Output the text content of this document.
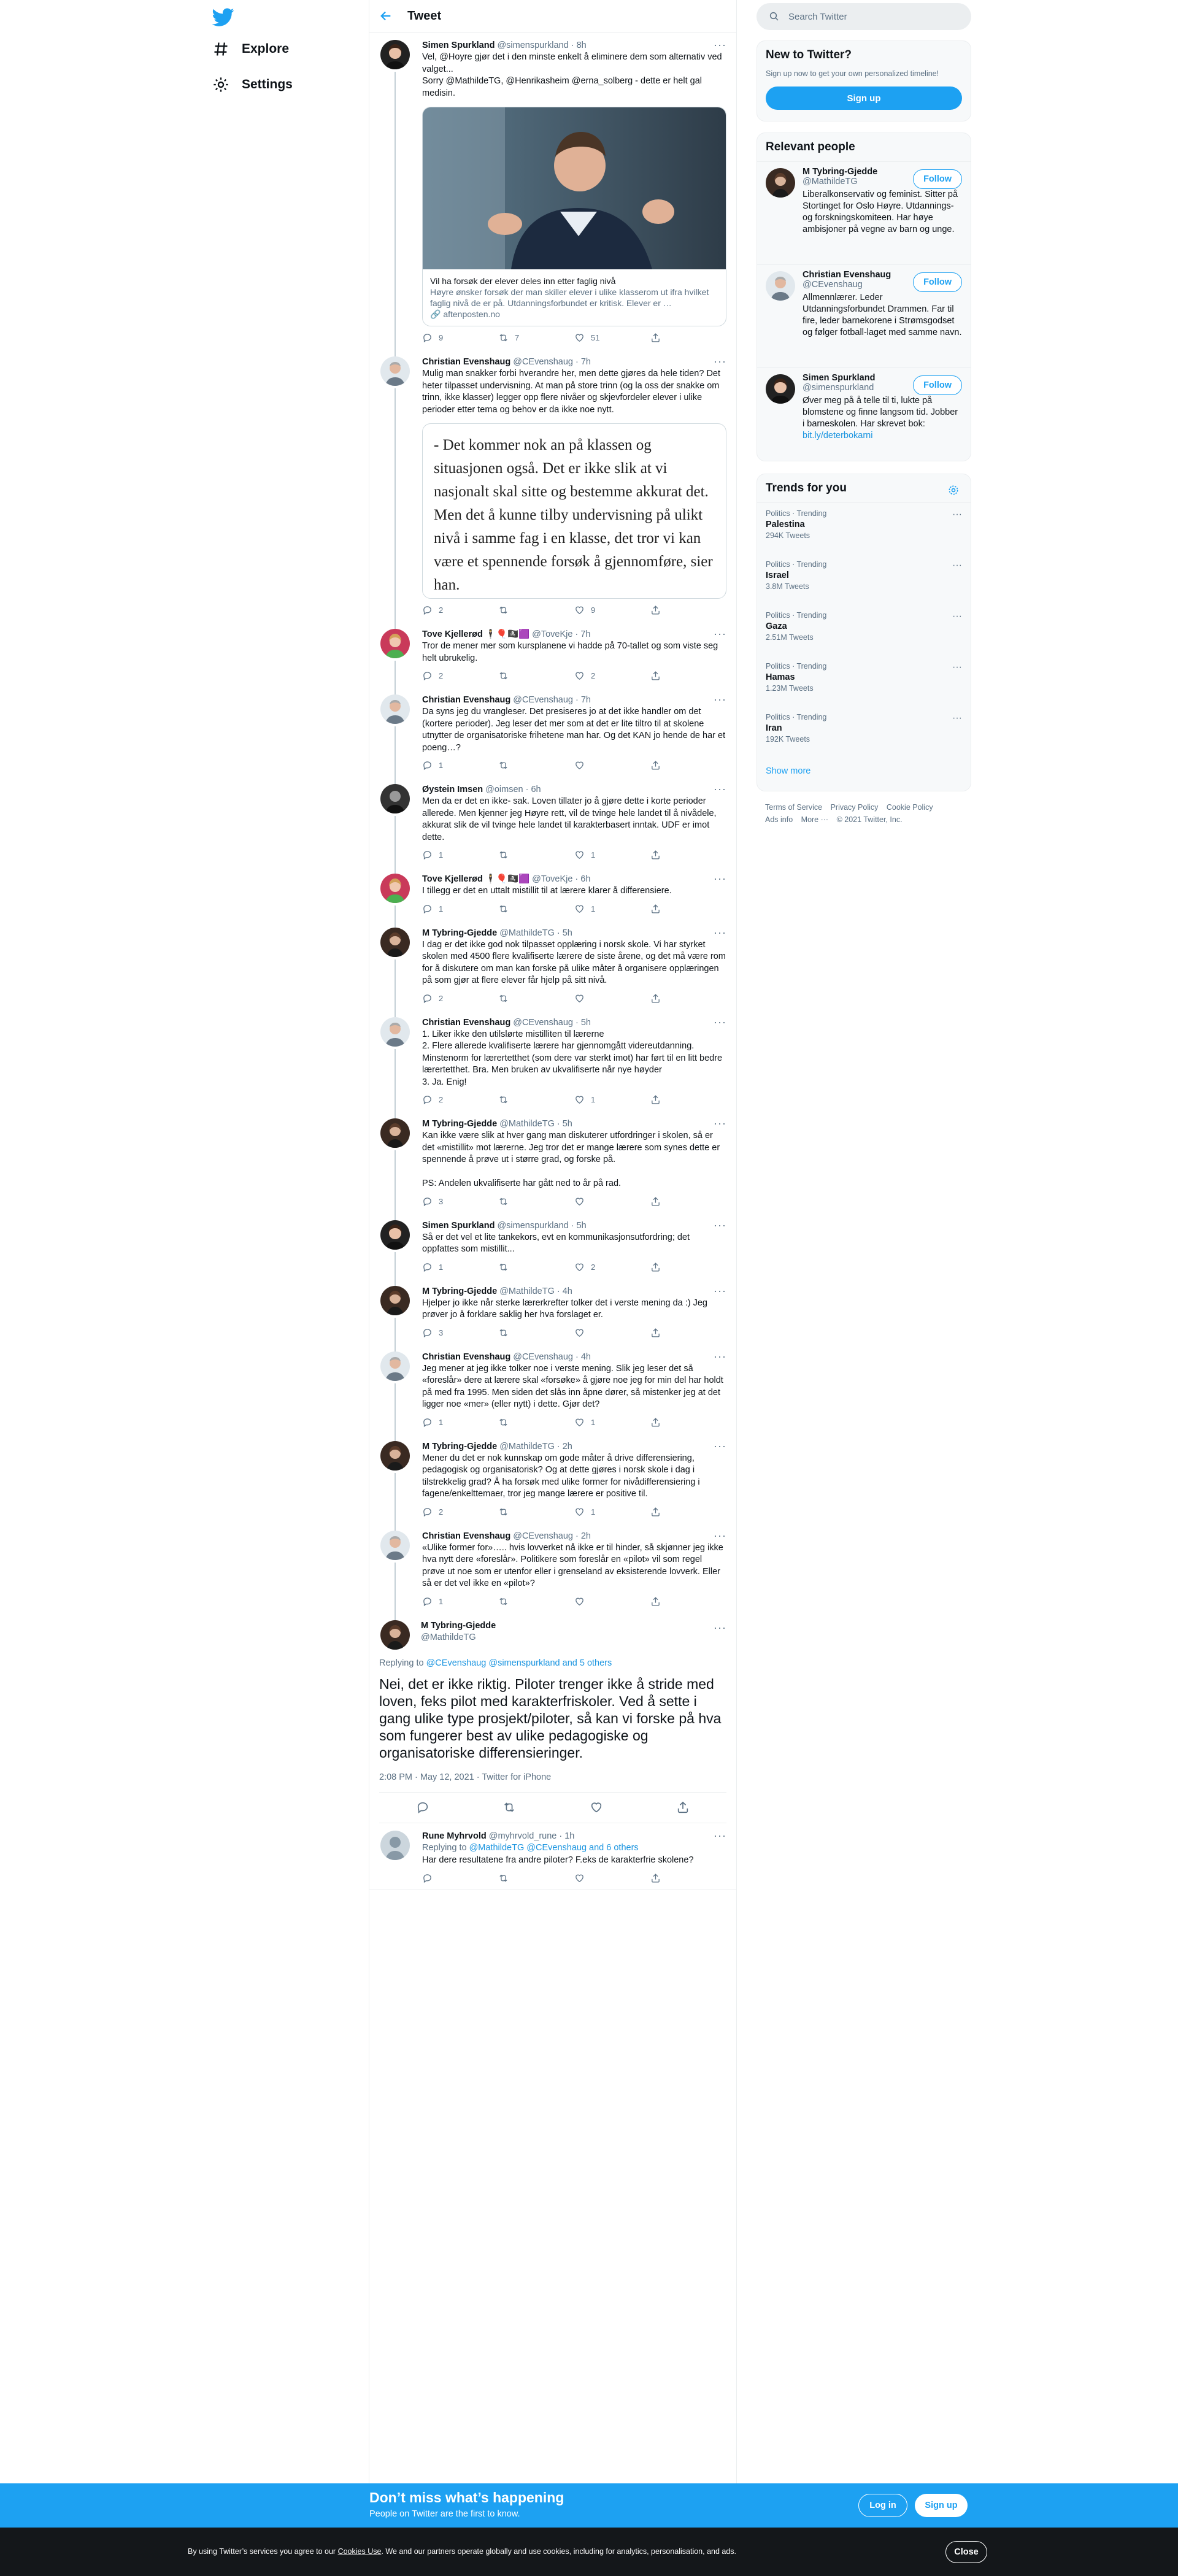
Explore
Settings
Tweet
Simen Spurkland @simenspurkland · 8h	···
Vel, @Hoyre gjør det i den minste enkelt å eliminere dem som alternativ ved valget...
Sorry @MathildeTG, @Henrikasheim @erna_solberg - dette er helt gal medisin.
Vil ha forsøk der elever deles inn etter faglig nivå
Høyre ønsker forsøk der man skiller elever i ulike klasserom ut ifra hvilket faglig nivå de er på. Utdanningsforbundet er kritisk. Elever er …
🔗 aftenposten.no
9	7	51
Christian Evenshaug @CEvenshaug · 7h	···
Mulig man snakker forbi hverandre her, men dette gjøres da hele tiden? Det heter tilpasset undervisning. At man på store trinn (og la oss der snakke om trinn, ikke klasser) legger opp flere nivåer og skjevfordeler elever i ulike perioder etter tema og behov er da ikke noe nytt.
- Det kommer nok an på klassen og situasjonen også. Det er ikke slik at vi nasjonalt skal sitte og bestemme akkurat det. Men det å kunne tilby undervisning på ulikt nivå i samme fag i en klasse, det tror vi kan være et spennende forsøk å gjennomføre, sier han.
2	9
Tove Kjellerød 🕴🎈🏴‍☠️🟪 @ToveKje · 7h	···
Tror de mener mer som kursplanene vi hadde på 70-tallet og som viste seg helt ubrukelig.
2	2
Christian Evenshaug @CEvenshaug · 7h	···
Da syns jeg du vrangleser. Det presiseres jo at det ikke handler om det (kortere perioder). Jeg leser det mer som at det er lite tiltro til at skolene utnytter de organisatoriske frihetene man har. Og det KAN jo hende de har et poeng…?
1
Øystein Imsen @oimsen · 6h	···
Men da er det en ikke- sak. Loven tillater jo å gjøre dette i korte perioder allerede. Men kjenner jeg Høyre rett, vil de tvinge hele landet til å nivådele, akkurat slik de vil tvinge hele landet til karakterbasert inntak. UDF er imot dette.
1	1
Tove Kjellerød 🕴🎈🏴‍☠️🟪 @ToveKje · 6h	···
I tillegg er det en uttalt mistillit til at lærere klarer å differensiere.
1	1
M Tybring-Gjedde @MathildeTG · 5h	···
I dag er det ikke god nok tilpasset opplæring i norsk skole. Vi har styrket skolen med 4500 flere kvalifiserte lærere de siste årene, og det må være rom for å diskutere om man kan forske på ulike måter å organisere opplæringen på som gjør at flere elever får hjelp på sitt nivå.
2
Christian Evenshaug @CEvenshaug · 5h	···
1. Liker ikke den utilslørte mistilliten til lærerne
2. Flere allerede kvalifiserte lærere har gjennomgått videreutdanning. Minstenorm for lærertetthet (som dere var sterkt imot) har ført til en litt bedre lærertetthet. Bra. Men bruken av ukvalifiserte når nye høyder
3. Ja. Enig!
2	1
M Tybring-Gjedde @MathildeTG · 5h	···
Kan ikke være slik at hver gang man diskuterer utfordringer i skolen, så er det «mistillit» mot lærerne. Jeg tror det er mange lærere som synes dette er spennende å prøve ut i større grad, og forske på.

PS: Andelen ukvalifiserte har gått ned to år på rad.
3
Simen Spurkland @simenspurkland · 5h	···
Så er det vel et lite tankekors, evt en kommunikasjonsutfordring; det oppfattes som mistillit...
1	2
M Tybring-Gjedde @MathildeTG · 4h	···
Hjelper jo ikke når sterke lærerkrefter tolker det i verste mening da :) Jeg prøver jo å forklare saklig her hva forslaget er.
3
Christian Evenshaug @CEvenshaug · 4h	···
Jeg mener at jeg ikke tolker noe i verste mening. Slik jeg leser det så «foreslår» dere at lærere skal «forsøke» å gjøre noe jeg for min del har holdt på med fra 1995. Men siden det slås inn åpne dører, så mistenker jeg at det ligger noe «mer» (eller nytt) i dette. Gjør det?
1	1
M Tybring-Gjedde @MathildeTG · 2h	···
Mener du det er nok kunnskap om gode måter å drive differensiering, pedagogisk og organisatorisk? Og at dette gjøres i norsk skole i dag i tilstrekkelig grad? Å ha forsøk med ulike former for nivådifferensiering i fagene/enkelttemaer, tror jeg mange lærere er positive til.
2	1
Christian Evenshaug @CEvenshaug · 2h	···
«Ulike former for»….. hvis lovverket nå ikke er til hinder, så skjønner jeg ikke hva nytt dere «foreslår». Politikere som foreslår en «pilot» vil som regel prøve ut noe som er utenfor eller i grenseland av eksisterende lovverk. Eller så er det vel ikke en «pilot»?
1
M Tybring-Gjedde
@MathildeTG
···
Replying to @CEvenshaug @simenspurkland and 5 others
Nei, det er ikke riktig. Piloter trenger ikke å stride med loven, feks pilot med karakterfriskoler. Ved å sette i gang ulike type prosjekt/piloter, så kan vi forske på hva som fungerer best av ulike pedagogiske og organisatoriske differensieringer.
2:08 PM · May 12, 2021 · Twitter for iPhone
Rune Myhrvold @myhrvold_rune · 1h	···
Replying to @MathildeTG @CEvenshaug and 6 others
Har dere resultatene fra andre piloter? F.eks de karakterfrie skolene?
Search Twitter
New to Twitter?
Sign up now to get your own personalized timeline!
Sign up
Relevant people
M Tybring-Gjedde
@MathildeTG
Liberalkonservativ og feminist. Sitter på Stortinget for Oslo Høyre. Utdannings- og forskningskomiteen. Har høye ambisjoner på vegne av barn og unge.
Follow
Christian Evenshaug
@CEvenshaug
Allmennlærer. Leder Utdanningsforbundet Drammen. Far til fire, leder barnekorene i Strømsgodset og følger fotball-laget med samme navn.
Follow
Simen Spurkland
@simenspurkland
Øver meg på å telle til ti, lukte på blomstene og finne langsom tid. Jobber i barneskolen. Har skrevet bok: bit.ly/deterbokarni
Follow
Trends for you
Politics · Trending
Palestina
294K Tweets
···
Politics · Trending
Israel
3.8M Tweets
···
Politics · Trending
Gaza
2.51M Tweets
···
Politics · Trending
Hamas
1.23M Tweets
···
Politics · Trending
Iran
192K Tweets
···
Show more
Terms of Service Privacy Policy Cookie Policy
Ads info More ··· © 2021 Twitter, Inc.
Don’t miss what’s happening
People on Twitter are the first to know.
Log in	Sign up
By using Twitter’s services you agree to our Cookies Use. We and our partners operate globally and use cookies, including for analytics, personalisation, and ads.	Close
